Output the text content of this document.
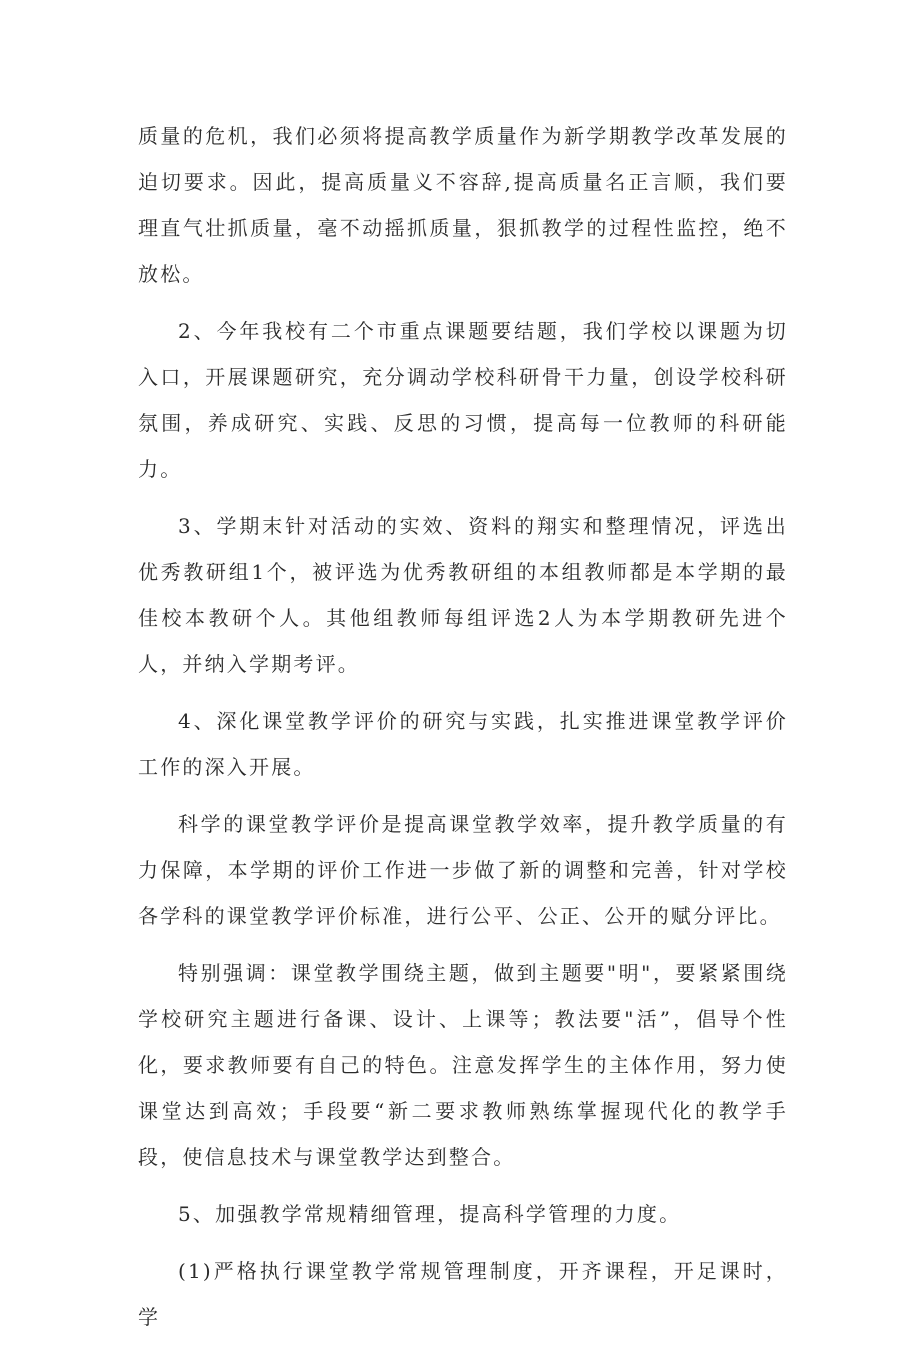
质量的危机，我们必须将提高教学质量作为新学期教学改革发展的迫切要求。因此，提高质量义不容辞,提高质量名正言顺，我们要理直气壮抓质量，毫不动摇抓质量，狠抓教学的过程性监控，绝不放松。

2、今年我校有二个市重点课题要结题，我们学校以课题为切入口，开展课题研究，充分调动学校科研骨干力量，创设学校科研氛围，养成研究、实践、反思的习惯，提高每一位教师的科研能力。

3、学期末针对活动的实效、资料的翔实和整理情况，评选出优秀教研组1个，被评选为优秀教研组的本组教师都是本学期的最佳校本教研个人。其他组教师每组评选2人为本学期教研先进个人，并纳入学期考评。

4、深化课堂教学评价的研究与实践，扎实推进课堂教学评价工作的深入开展。

科学的课堂教学评价是提高课堂教学效率，提升教学质量的有力保障，本学期的评价工作进一步做了新的调整和完善，针对学校各学科的课堂教学评价标准，进行公平、公正、公开的赋分评比。

特别强调：课堂教学围绕主题，做到主题要"明"，要紧紧围绕学校研究主题进行备课、设计、上课等；教法要"活”，倡导个性化，要求教师要有自己的特色。注意发挥学生的主体作用，努力使课堂达到高效；手段要“新二要求教师熟练掌握现代化的教学手段，使信息技术与课堂教学达到整合。

5、加强教学常规精细管理，提高科学管理的力度。

(1)严格执行课堂教学常规管理制度，开齐课程，开足课时，学
